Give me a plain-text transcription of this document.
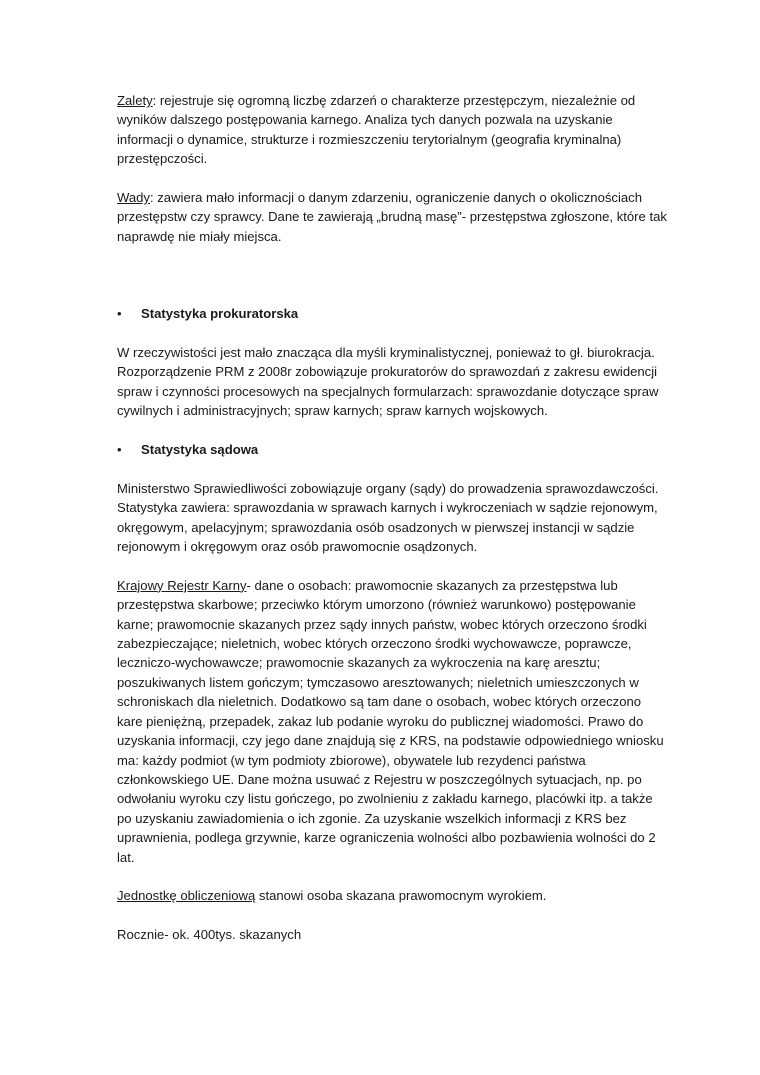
Zalety: rejestruje się ogromną liczbę zdarzeń o charakterze przestępczym, niezależnie od wyników dalszego postępowania karnego. Analiza tych danych pozwala na uzyskanie informacji o dynamice, strukturze i rozmieszczeniu terytorialnym (geografia kryminalna) przestępczości.

Wady: zawiera mało informacji o danym zdarzeniu, ograniczenie danych o okolicznościach przestępstw czy sprawcy. Dane te zawierają „brudną masę”- przestępstwa zgłoszone, które tak naprawdę nie miały miejsca.

•	Statystyka prokuratorska

W rzeczywistości jest mało znacząca dla myśli kryminalistycznej, ponieważ to gł. biurokracja. Rozporządzenie PRM z 2008r zobowiązuje prokuratorów do sprawozdań z zakresu ewidencji spraw i czynności procesowych na specjalnych formularzach: sprawozdanie dotyczące spraw cywilnych i administracyjnych; spraw karnych; spraw karnych wojskowych.

•	Statystyka sądowa

Ministerstwo Sprawiedliwości zobowiązuje organy (sądy) do prowadzenia sprawozdawczości. Statystyka zawiera: sprawozdania w sprawach karnych i wykroczeniach w sądzie rejonowym, okręgowym, apelacyjnym; sprawozdania osób osadzonych w pierwszej instancji w sądzie rejonowym i okręgowym oraz osób prawomocnie osądzonych.

Krajowy Rejestr Karny- dane o osobach: prawomocnie skazanych za przestępstwa lub przestępstwa skarbowe; przeciwko którym umorzono (również warunkowo) postępowanie karne; prawomocnie skazanych przez sądy innych państw, wobec których orzeczono środki zabezpieczające; nieletnich, wobec których orzeczono środki wychowawcze, poprawcze, leczniczo-wychowawcze; prawomocnie skazanych za wykroczenia na karę aresztu; poszukiwanych listem gończym; tymczasowo aresztowanych; nieletnich umieszczonych w schroniskach dla nieletnich. Dodatkowo są tam dane o osobach, wobec których orzeczono kare pieniężną, przepadek, zakaz lub podanie wyroku do publicznej wiadomości. Prawo do uzyskania informacji, czy jego dane znajdują się z KRS, na podstawie odpowiedniego wniosku ma: każdy podmiot (w tym podmioty zbiorowe), obywatele lub rezydenci państwa członkowskiego UE. Dane można usuwać z Rejestru w poszczególnych sytuacjach, np. po odwołaniu wyroku czy listu gończego, po zwolnieniu z zakładu karnego, placówki itp. a także po uzyskaniu zawiadomienia o ich zgonie. Za uzyskanie wszelkich informacji z KRS bez uprawnienia, podlega grzywnie, karze ograniczenia wolności albo pozbawienia wolności do 2 lat.

Jednostkę obliczeniową stanowi osoba skazana prawomocnym wyrokiem.

Rocznie- ok. 400tys. skazanych
